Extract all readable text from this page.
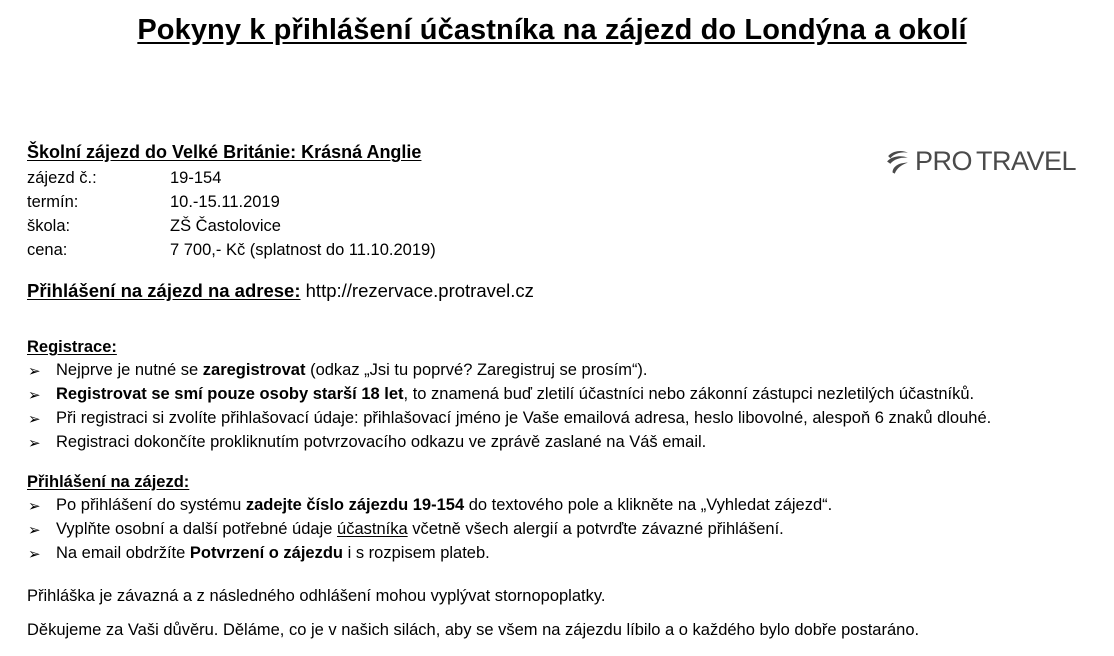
Pokyny k přihlášení účastníka na zájezd do Londýna a okolí
PRO TRAVEL
Školní zájezd do Velké Británie: Krásná Anglie
zájezd č.:	19-154
termín:	10.-15.11.2019
škola:	ZŠ Častolovice
cena:	7 700,- Kč (splatnost do 11.10.2019)
Přihlášení na zájezd na adrese: http://rezervace.protravel.cz
Registrace:
➢ Nejprve je nutné se zaregistrovat (odkaz „Jsi tu poprvé? Zaregistruj se prosím“).
➢ Registrovat se smí pouze osoby starší 18 let, to znamená buď zletilí účastníci nebo zákonní zástupci nezletilých účastníků.
➢ Při registraci si zvolíte přihlašovací údaje: přihlašovací jméno je Vaše emailová adresa, heslo libovolné, alespoň 6 znaků dlouhé.
➢ Registraci dokončíte prokliknutím potvrzovacího odkazu ve zprávě zaslané na Váš email.
Přihlášení na zájezd:
➢ Po přihlášení do systému zadejte číslo zájezdu 19-154 do textového pole a klikněte na „Vyhledat zájezd“.
➢ Vyplňte osobní a další potřebné údaje účastníka včetně všech alergií a potvrďte závazné přihlášení.
➢ Na email obdržíte Potvrzení o zájezdu i s rozpisem plateb.
Přihláška je závazná a z následného odhlášení mohou vyplývat stornopoplatky.
Děkujeme za Vaši důvěru. Děláme, co je v našich silách, aby se všem na zájezdu líbilo a o každého bylo dobře postaráno.
